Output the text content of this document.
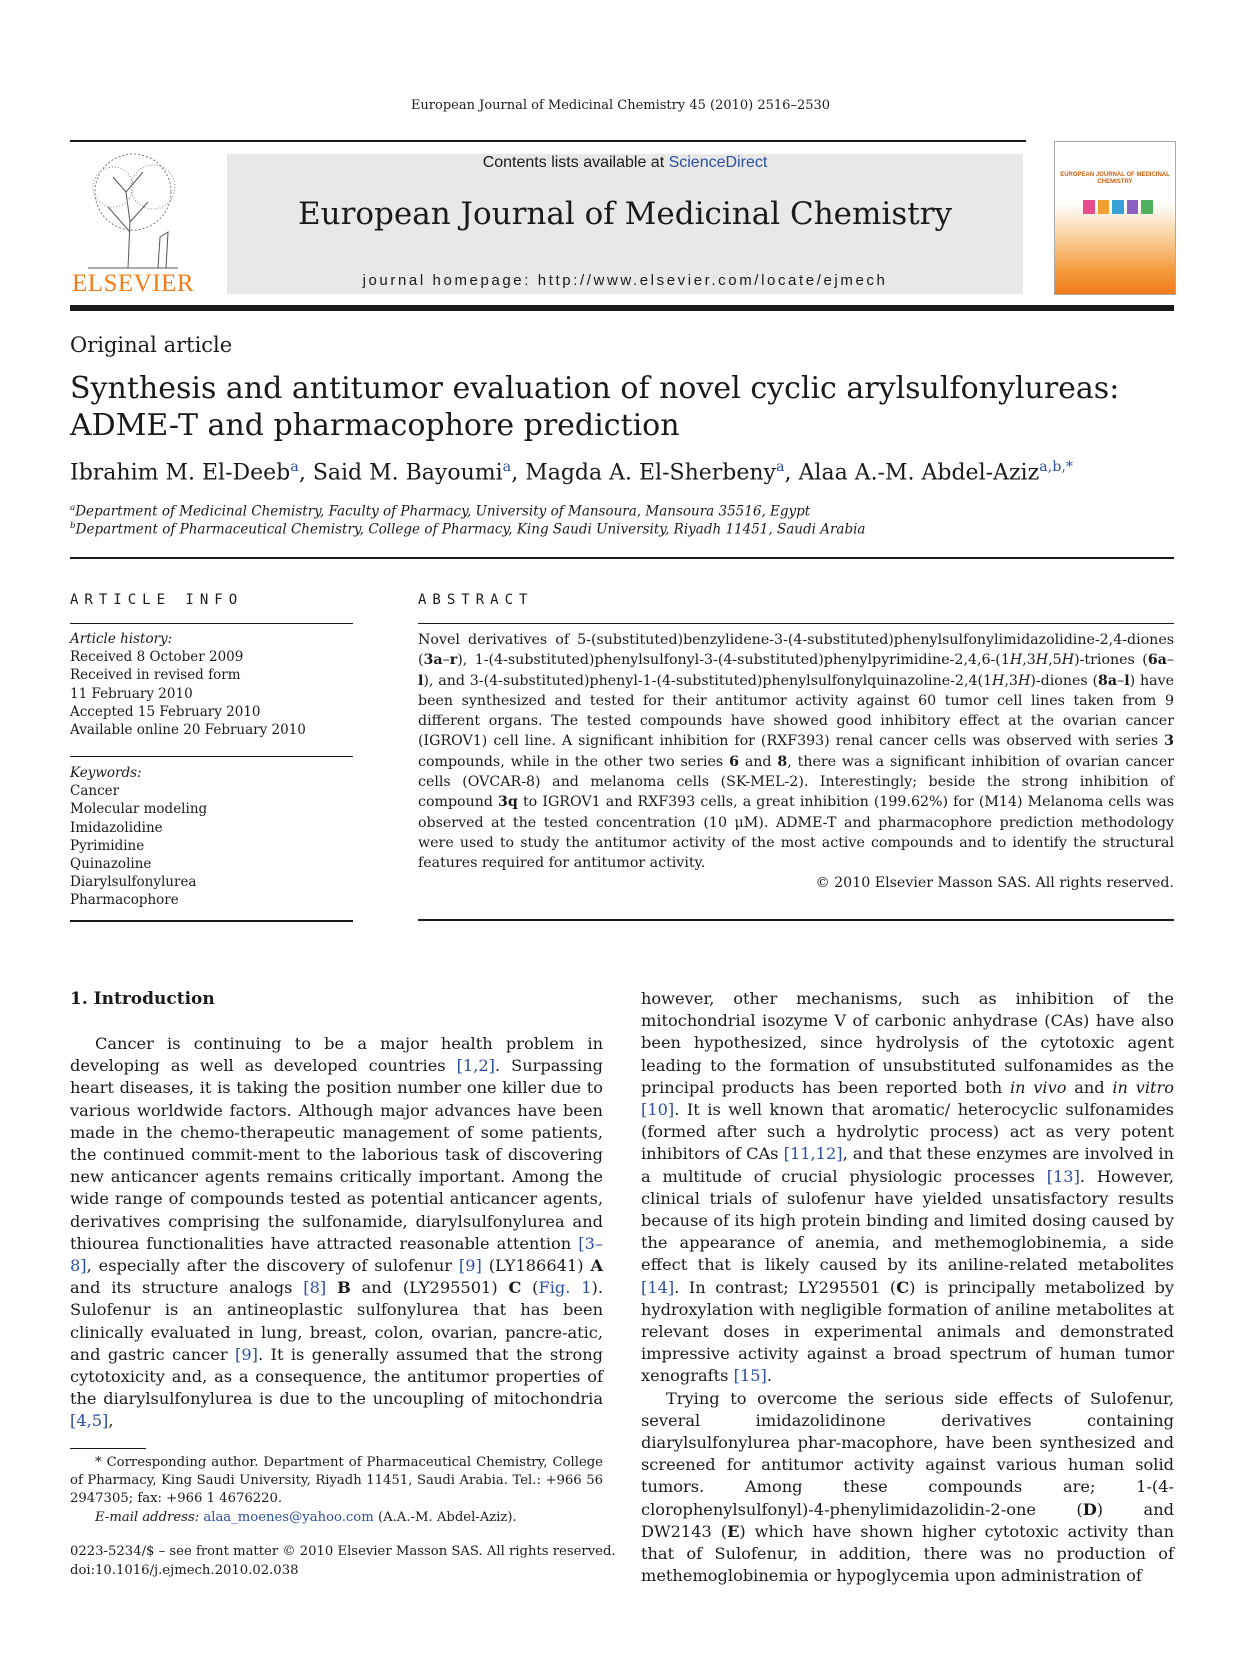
European Journal of Medicinal Chemistry 45 (2010) 2516–2530
ELSEVIER
Contents lists available at ScienceDirect
European Journal of Medicinal Chemistry
journal homepage: http://www.elsevier.com/locate/ejmech
EUROPEAN JOURNAL OF MEDICINAL CHEMISTRY
Original article
Synthesis and antitumor evaluation of novel cyclic arylsulfonylureas:
ADME-T and pharmacophore prediction
Ibrahim M. El-Deeb$^a$, Said M. Bayoumi$^a$, Magda A. El-Sherbeny$^a$, Alaa A.-M. Abdel-Aziz$^{a,b,*}$
$^a$Department of Medicinal Chemistry, Faculty of Pharmacy, University of Mansoura, Mansoura 35516, Egypt
$^b$Department of Pharmaceutical Chemistry, College of Pharmacy, King Saudi University, Riyadh 11451, Saudi Arabia
ARTICLE INFO	ABSTRACT
Article history:
Received 8 October 2009
Received in revised form
11 February 2010
Accepted 15 February 2010
Available online 20 February 2010
Keywords:
Cancer
Molecular modeling
Imidazolidine
Pyrimidine
Quinazoline
Diarylsulfonylurea
Pharmacophore
Novel derivatives of 5-(substituted)benzylidene-3-(4-substituted)phenylsulfonylimidazolidine-2,4-diones (3a–r), 1-(4-substituted)phenylsulfonyl-3-(4-substituted)phenylpyrimidine-2,4,6-(1H,3H,5H)-triones (6a–l), and 3-(4-substituted)phenyl-1-(4-substituted)phenylsulfonylquinazoline-2,4(1H,3H)-diones (8a–l) have been synthesized and tested for their antitumor activity against 60 tumor cell lines taken from 9 different organs. The tested compounds have showed good inhibitory effect at the ovarian cancer (IGROV1) cell line. A significant inhibition for (RXF393) renal cancer cells was observed with series 3 compounds, while in the other two series 6 and 8, there was a significant inhibition of ovarian cancer cells (OVCAR-8) and melanoma cells (SK-MEL-2). Interestingly; beside the strong inhibition of compound 3q to IGROV1 and RXF393 cells, a great inhibition (199.62%) for (M14) Melanoma cells was observed at the tested concentration (10 μM). ADME-T and pharmacophore prediction methodology were used to study the antitumor activity of the most active compounds and to identify the structural features required for antitumor activity.
© 2010 Elsevier Masson SAS. All rights reserved.
1. Introduction

Cancer is continuing to be a major health problem in developing as well as developed countries [1,2]. Surpassing heart diseases, it is taking the position number one killer due to various worldwide factors. Although major advances have been made in the chemo-therapeutic management of some patients, the continued commit-ment to the laborious task of discovering new anticancer agents remains critically important. Among the wide range of compounds tested as potential anticancer agents, derivatives comprising the sulfonamide, diarylsulfonylurea and thiourea functionalities have attracted reasonable attention [3–8], especially after the discovery of sulofenur [9] (LY186641) A and its structure analogs [8] B and (LY295501) C (Fig. 1). Sulofenur is an antineoplastic sulfonylurea that has been clinically evaluated in lung, breast, colon, ovarian, pancre-atic, and gastric cancer [9]. It is generally assumed that the strong cytotoxicity and, as a consequence, the antitumor properties of the diarylsulfonylurea is due to the uncoupling of mitochondria [4,5],

however, other mechanisms, such as inhibition of the mitochondrial isozyme V of carbonic anhydrase (CAs) have also been hypothesized, since hydrolysis of the cytotoxic agent leading to the formation of unsubstituted sulfonamides as the principal products has been reported both in vivo and in vitro [10]. It is well known that aromatic/ heterocyclic sulfonamides (formed after such a hydrolytic process) act as very potent inhibitors of CAs [11,12], and that these enzymes are involved in a multitude of crucial physiologic processes [13]. However, clinical trials of sulofenur have yielded unsatisfactory results because of its high protein binding and limited dosing caused by the appearance of anemia, and methemoglobinemia, a side effect that is likely caused by its aniline-related metabolites [14]. In contrast; LY295501 (C) is principally metabolized by hydroxylation with negligible formation of aniline metabolites at relevant doses in experimental animals and demonstrated impressive activity against a broad spectrum of human tumor xenografts [15].

Trying to overcome the serious side effects of Sulofenur, several imidazolidinone derivatives containing diarylsulfonylurea phar-macophore, have been synthesized and screened for antitumor activity against various human solid tumors. Among these compounds are; 1-(4-clorophenylsulfonyl)-4-phenylimidazolidin-2-one (D) and DW2143 (E) which have shown higher cytotoxic activity than that of Sulofenur, in addition, there was no production of methemoglobinemia or hypoglycemia upon administration of

* Corresponding author. Department of Pharmaceutical Chemistry, College of Pharmacy, King Saudi University, Riyadh 11451, Saudi Arabia. Tel.: +966 56 2947305; fax: +966 1 4676220.
E-mail address: alaa_moenes@yahoo.com (A.A.-M. Abdel-Aziz).
0223-5234/$ – see front matter © 2010 Elsevier Masson SAS. All rights reserved.
doi:10.1016/j.ejmech.2010.02.038
